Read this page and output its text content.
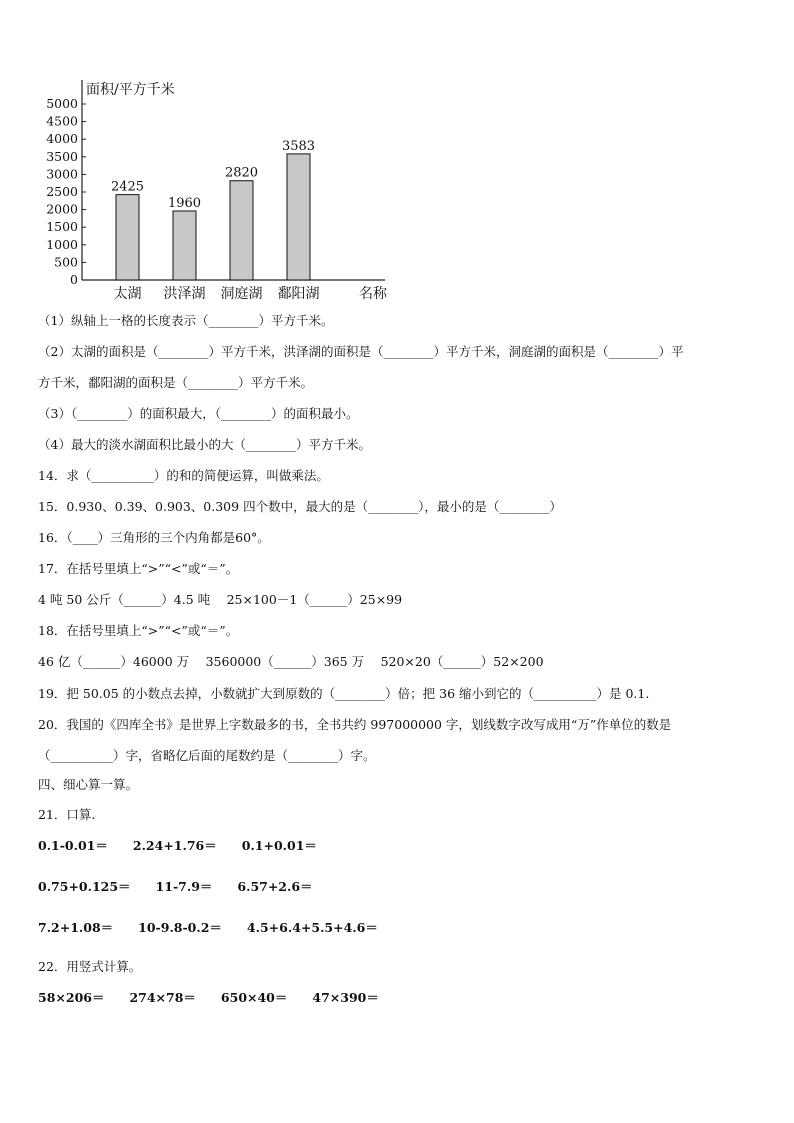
面积/平方千米
0
500
1000
1500
2000
2500
3000
3500
4000
4500
5000
2425
太湖
1960
洪泽湖
2820
洞庭湖
3583
鄱阳湖	名称
（1）纵轴上一格的长度表示（________）平方千米。
（2）太湖的面积是（________）平方千米，洪泽湖的面积是（________）平方千米，洞庭湖的面积是（________）平
方千米，鄱阳湖的面积是（________）平方千米。
（3）（________）的面积最大，（________）的面积最小。
（4）最大的淡水湖面积比最小的大（________）平方千米。
14．求（__________）的和的简便运算，叫做乘法。
15．0.930、0.39、0.903、0.309 四个数中，最大的是（________），最小的是（________）
16．（____）三角形的三个内角都是60°。
17．在括号里填上“>”“<”或“＝”。
4 吨 50 公斤（______）4.5 吨　 25×100－1（______）25×99
18．在括号里填上“>”“<”或“＝”。
46 亿（______）46000 万　 3560000（______）365 万　 520×20（______）52×200
19．把 50.05 的小数点去掉，小数就扩大到原数的（________）倍；把 36 缩小到它的（__________）是 0.1.
20．我国的《四库全书》是世界上字数最多的书，全书共约 997000000 字，划线数字改写成用“万”作单位的数是
（__________）字，省略亿后面的尾数约是（________）字。
四、细心算一算。
21．口算.
0.1-0.01＝　　2.24+1.76＝　　0.1+0.01＝
0.75+0.125＝　　11-7.9＝　　6.57+2.6＝
7.2+1.08＝　　10-9.8-0.2＝　　4.5+6.4+5.5+4.6＝
22．用竖式计算。
58×206＝　　274×78＝　　650×40＝　　47×390＝
